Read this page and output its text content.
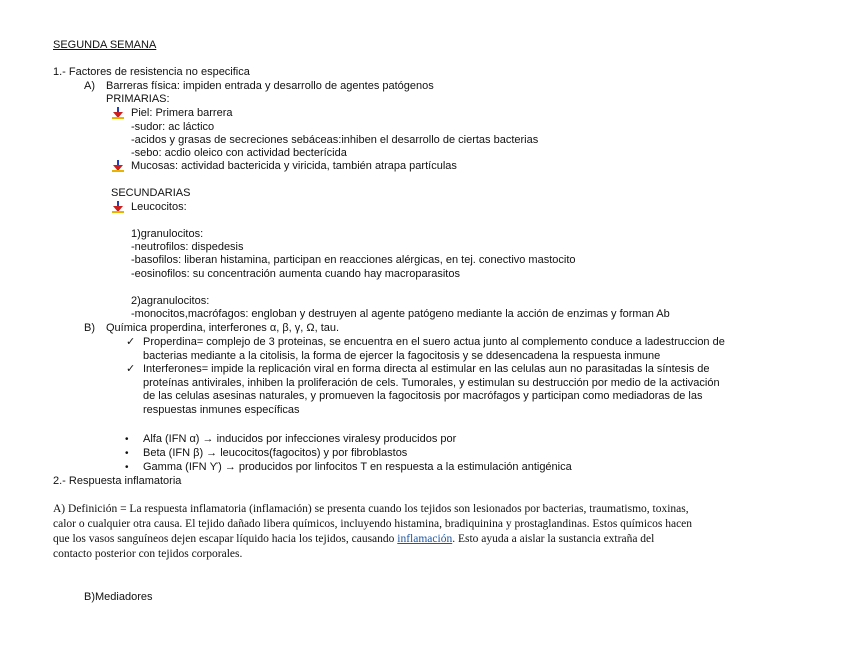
SEGUNDA SEMANA
1.- Factores de resistencia no especifica
A) Barreras física: impiden entrada y desarrollo de agentes patógenos
PRIMARIAS:
Piel: Primera barrera
-sudor: ac láctico
-acidos y grasas de secreciones sebáceas:inhiben el desarrollo de ciertas bacterias
-sebo: acdio oleico con actividad becterícida
Mucosas: actividad bactericida y viricida, también atrapa partículas
SECUNDARIAS
Leucocitos:
1)granulocitos:
-neutrofilos: dispedesis
-basofilos: liberan histamina, participan en reacciones alérgicas, en tej. conectivo mastocito
-eosinofilos: su concentración aumenta cuando hay macroparasitos
2)agranulocitos:
-monocitos,macrófagos: engloban y destruyen al agente patógeno mediante la acción de enzimas y forman Ab
B) Química properdina, interferones α, β, γ, Ω, tau.
✓ Properdina= complejo de 3 proteinas, se encuentra en el suero actua junto al complemento conduce a ladestruccion de
bacterias mediante a la citolisis, la forma de ejercer la fagocitosis y se ddesencadena la respuesta inmune
✓ Interferones= impide la replicación viral en forma directa al estimular en las celulas aun no parasitadas la síntesis de
proteínas antivirales, inhiben la proliferación de cels. Tumorales, y estimulan su destrucción por medio de la activación
de las celulas asesinas naturales, y promueven la fagocitosis por macrófagos y participan como mediadoras de las
respuestas inmunes específicas
• Alfa (IFN α) → inducidos por infecciones viralesy producidos por
• Beta (IFN β) → leucocitos(fagocitos) y por fibroblastos
• Gamma (IFN ϒ) → producidos por linfocitos T en respuesta a la estimulación antigénica
2.- Respuesta inflamatoria
A) Definición = La respuesta inflamatoria (inflamación) se presenta cuando los tejidos son lesionados por bacterias, traumatismo, toxinas,
calor o cualquier otra causa. El tejido dañado libera químicos, incluyendo histamina, bradiquinina y prostaglandinas. Estos químicos hacen
que los vasos sanguíneos dejen escapar líquido hacia los tejidos, causando inflamación. Esto ayuda a aislar la sustancia extraña del
contacto posterior con tejidos corporales.
B)Mediadores
